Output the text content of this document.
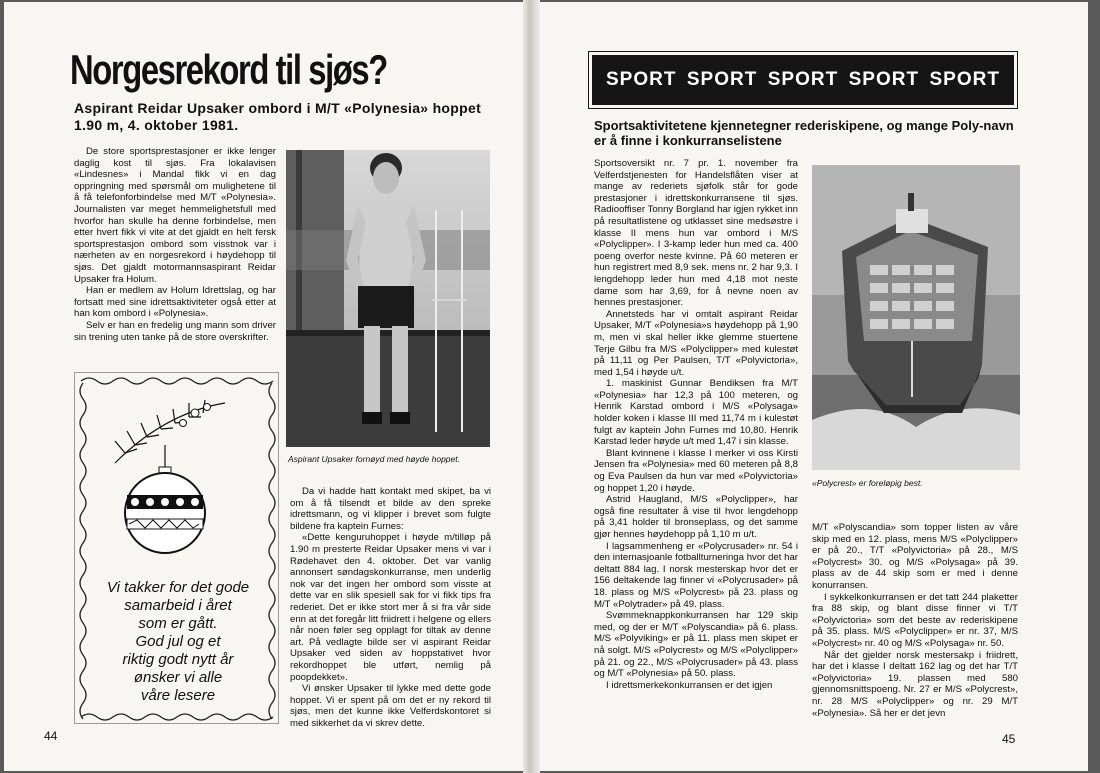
Norgesrekord til sjøs?
Aspirant Reidar Upsaker ombord i M/T «Polynesia» hoppet 1.90 m, 4. oktober 1981.

De store sportsprestasjoner er ikke lenger daglig kost til sjøs. Fra lokalavisen «Lindesnes» i Mandal fikk vi en dag oppringning med spørsmål om mulighetene til å få telefonforbindelse med M/T «Polynesia». Journalisten var meget hemmelighetsfull med hvorfor han skulle ha denne forbindelse, men etter hvert fikk vi vite at det gjaldt en helt fersk sportsprestasjon ombord som visstnok var i nærheten av en norgesrekord i høydehopp til sjøs. Det gjaldt motormannsaspirant Reidar Upsaker fra Holum.

Han er medlem av Holum Idrettslag, og har fortsatt med sine idrettsaktiviteter også etter at han kom ombord i «Polynesia».

Selv er han en fredelig ung mann som driver sin trening uten tanke på de store overskrifter.

Aspirant Upsaker fornøyd med høyde hoppet.

Da vi hadde hatt kontakt med skipet, ba vi om å få tilsendt et bilde av den spreke idrettsmann, og vi klipper i brevet som fulgte bildene fra kaptein Furnes:

«Dette kenguruhoppet i høyde m/tilløp på 1.90 m presterte Reidar Upsaker mens vi var i Rødehavet den 4. oktober. Det var vanlig annonsert søndagskonkurranse, men underlig nok var det ingen her ombord som visste at dette var en slik spesiell sak for vi fikk tips fra rederiet. Det er ikke stort mer å si fra vår side enn at det foregår litt friidrett i helgene og ellers når noen føler seg opplagt for tiltak av denne art. På vedlagte bilde ser vi aspirant Reidar Upsaker ved siden av hoppstativet hvor rekordhoppet ble utført, nemlig på poopdekket».

Vi ønsker Upsaker til lykke med dette gode hoppet. Vi er spent på om det er ny rekord til sjøs, men det kunne ikke Velferdskontoret si med sikkerhet da vi skrev dette.

Vi takker for det gode
samarbeid i året
som er gått.
God jul og et
riktig godt nytt år
ønsker vi alle
våre lesere
44
SPORT SPORT SPORT SPORT SPORT
Sportsaktivitetene kjennetegner rederiskipene, og mange Poly-navn er å finne i konkurranselistene

Sportsoversikt nr. 7 pr. 1. november fra Velferdstjenesten for Handelsflåten viser at mange av rederiets sjøfolk står for gode prestasjoner i idrettskonkurransene til sjøs. Radiooffiser Tonny Borgland har igjen rykket inn på resultatlistene og utklasset sine medsøstre i klasse II mens hun var ombord i M/S «Polyclipper». I 3-kamp leder hun med ca. 400 poeng overfor neste kvinne. På 60 meteren er hun registrert med 8,9 sek. mens nr. 2 har 9,3. I lengdehopp leder hun med 4,18 mot neste dame som har 3,69, for å nevne noen av hennes prestasjoner.

Annetsteds har vi omtalt aspirant Reidar Upsaker, M/T «Polynesia»s høydehopp på 1,90 m, men vi skal heller ikke glemme stuertene Terje Gilbu fra M/S «Polyclipper» med kulestøt på 11,11 og Per Paulsen, T/T «Polyvictoria», med 1,54 i høyde u/t.

1. maskinist Gunnar Bendiksen fra M/T «Polynesia» har 12,3 på 100 meteren, og Henrik Karstad ombord i M/S «Polysaga» holder koken i klasse III med 11,74 m i kulestøt fulgt av kaptein John Furnes md 10,80. Henrik Karstad leder høyde u/t med 1,47 i sin klasse.

Blant kvinnene i klasse I merker vi oss Kirsti Jensen fra «Polynesia» med 60 meteren på 8,8 og Eva Paulsen da hun var med «Polyvictoria» og hoppet 1,20 i høyde.

Astrid Haugland, M/S «Polyclipper», har også fine resultater å vise til hvor lengdehopp på 3,41 holder til bronseplass, og det samme gjør hennes høydehopp på 1,10 m u/t.

I lagsammenheng er «Polycrusader» nr. 54 i den internasjoanle fotballturneringa hvor det har deltatt 884 lag. I norsk mesterskap hvor det er 156 deltakende lag finner vi «Polycrusader» på 18. plass og M/S «Polycrest» på 23. plass og M/T «Polytrader» på 49. plass.

Svømmeknappkonkurransen har 129 skip med, og der er M/T «Polyscandia» på 6. plass. M/S «Polyviking» er på 11. plass men skipet er nå solgt. M/S «Polycrest» og M/S «Polyclipper» på 21. og 22., M/S «Polycrusader» på 43. plass og M/T «Polynesia» på 50. plass.

I idrettsmerkekonkurransen er det igjen

«Polycrest» er foreløpig best.

M/T «Polyscandia» som topper listen av våre skip med en 12. plass, mens M/S «Polyclipper» er på 20., T/T «Polyvictoria» på 28., M/S «Polycrest» 30. og M/S «Polysaga» på 39. plass av de 44 skip som er med i denne konurransen.

I sykkelkonkurransen er det tatt 244 plaketter fra 88 skip, og blant disse finner vi T/T «Polyvictoria» som det beste av rederiskipene på 35. plass. M/S «Polyclipper» er nr. 37, M/S «Polycrest» nr. 40 og M/S «Polysaga» nr. 50.

Når det gjelder norsk mestersakp i friidrett, har det i klasse I deltatt 162 lag og det har T/T «Polyvictoria» 19. plassen med 580 gjennomsnittspoeng. Nr. 27 er M/S «Polycrest», nr. 28 M/S «Polyclipper» og nr. 29 M/T «Polynesia». Så her er det jevn

45
